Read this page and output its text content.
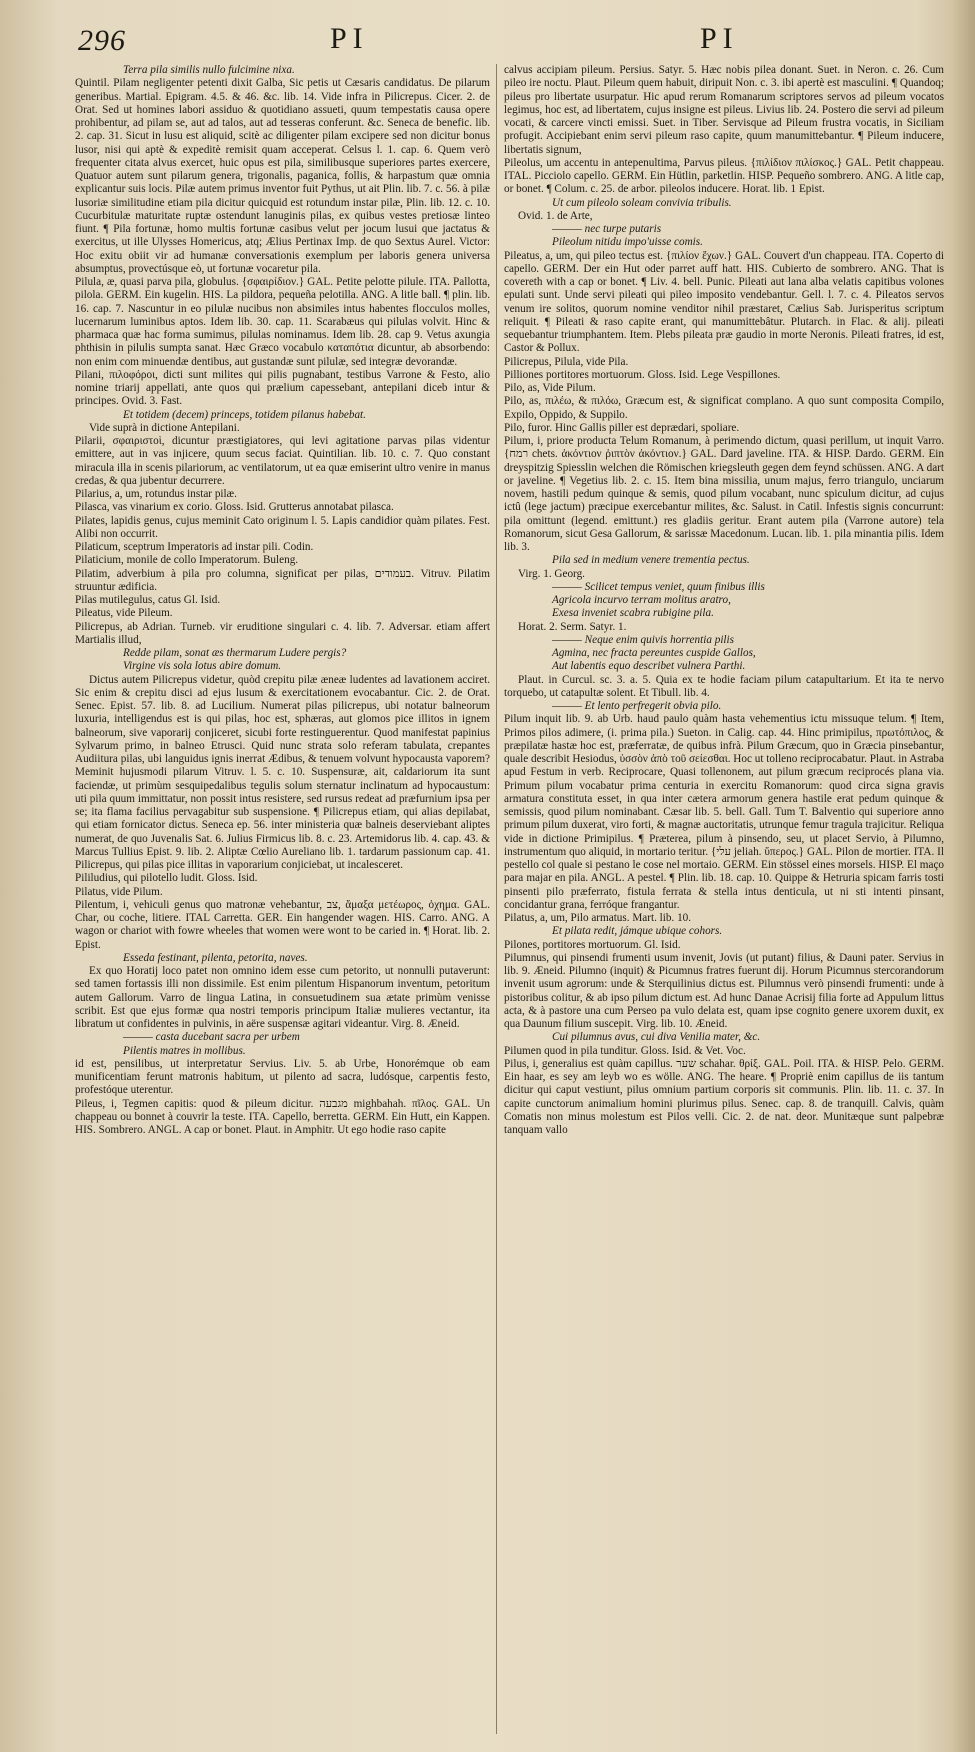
296	PI	PI

Terra pila similis nullo fulcimine nixa.

Quintil. Pilam negligenter petenti dixit Galba, Sic petis ut Cæsaris candidatus. De pilarum generibus. Martial. Epigram. 4.5. & 46. &c. lib. 14. Vide infra in Pilicrepus. Cicer. 2. de Orat. Sed ut homines labori assiduo & quotidiano assueti, quum tempestatis causa opere prohibentur, ad pilam se, aut ad talos, aut ad tesseras conferunt. &c. Seneca de benefic. lib. 2. cap. 31. Sicut in lusu est aliquid, scitè ac diligenter pilam excipere sed non dicitur bonus lusor, nisi qui aptè & expeditè remisit quam acceperat. Celsus l. 1. cap. 6. Quem verò frequenter citata alvus exercet, huic opus est pila, similibusque superiores partes exercere, Quatuor autem sunt pilarum genera, trigonalis, paganica, follis, & harpastum quæ omnia explicantur suis locis. Pilæ autem primus inventor fuit Pythus, ut ait Plin. lib. 7. c. 56. à pilæ lusoriæ similitudine etiam pila dicitur quicquid est rotundum instar pilæ, Plin. lib. 12. c. 10. Cucurbitulæ maturitate ruptæ ostendunt lanuginis pilas, ex quibus vestes pretiosæ linteo fiunt. ¶ Pila fortunæ, homo multis fortunæ casibus velut per jocum lusui que jactatus & exercitus, ut ille Ulysses Homericus, atq; Ælius Pertinax Imp. de quo Sextus Aurel. Victor: Hoc exitu obiit vir ad humanæ conversationis exemplum per laboris genera universa absumptus, provectúsque eò, ut fortunæ vocaretur pila.

Pilula, æ, quasi parva pila, globulus. {σφαιρίδιον.} GAL. Petite pelotte pilule. ITA. Pallotta, pilola. GERM. Ein kugelin. HIS. La pildora, pequeña pelotilla. ANG. A litle ball. ¶ plin. lib. 16. cap. 7. Nascuntur in eo pilulæ nucibus non absimiles intus habentes flocculos molles, lucernarum luminibus aptos. Idem lib. 30. cap. 11. Scarabæus qui pilulas volvit. Hinc & pharmaca quæ hac forma sumimus, pilulas nominamus. Idem lib. 28. cap 9. Vetus axungia phthisin in pilulis sumpta sanat. Hæc Græco vocabulo καταπότια dicuntur, ab absorbendo: non enim com minuendæ dentibus, aut gustandæ sunt pilulæ, sed integræ devorandæ.

Pilani, πιλοφόροι, dicti sunt milites qui pilis pugnabant, testibus Varrone & Festo, alio nomine triarij appellati, ante quos qui prælium capessebant, antepilani diceb intur & principes. Ovid. 3. Fast.

Et totidem (decem) princeps, totidem pilanus habebat.

Vide suprà in dictione Antepilani.

Pilarii, σφαιριστοὶ, dicuntur præstigiatores, qui levi agitatione parvas pilas videntur emittere, aut in vas injicere, quum secus faciat. Quintilian. lib. 10. c. 7. Quo constant miracula illa in scenis pilariorum, ac ventilatorum, ut ea quæ emiserint ultro venire in manus credas, & qua jubentur decurrere.

Pilarius, a, um, rotundus instar pilæ.

Pilasca, vas vinarium ex corio. Gloss. Isid. Grutterus annotabat pilasca.

Pilates, lapidis genus, cujus meminit Cato originum l. 5. Lapis candidior quàm pilates. Fest. Alibi non occurrit.

Pilaticum, sceptrum Imperatoris ad instar pili. Codin.

Pilaticium, monile de collo Imperatorum. Buleng.

Pilatim, adverbium à pila pro columna, significat per pilas, בעמודים. Vitruv. Pilatim struuntur ædificia.

Pilas mutilegulus, catus Gl. Isid.

Pileatus, vide Pileum.

Pilicrepus, ab Adrian. Turneb. vir eruditione singulari c. 4. lib. 7. Adversar. etiam affert Martialis illud,

Redde pilam, sonat æs thermarum Ludere pergis?

Virgine vis sola lotus abire domum.

Dictus autem Pilicrepus videtur, quòd crepitu pilæ æneæ ludentes ad lavationem acciret. Sic enim & crepitu disci ad ejus lusum & exercitationem evocabantur. Cic. 2. de Orat. Senec. Epist. 57. lib. 8. ad Lucilium. Numerat pilas pilicrepus, ubi notatur balneorum luxuria, intelligendus est is qui pilas, hoc est, sphæras, aut glomos pice illitos in ignem balneorum, sive vaporarij conjiceret, sicubi forte restinguerentur. Quod manifestat papinius Sylvarum primo, in balneo Etrusci. Quid nunc strata solo referam tabulata, crepantes Audiitura pilas, ubi languidus ignis inerrat Ædibus, & tenuem volvunt hypocausta vaporem? Meminit hujusmodi pilarum Vitruv. l. 5. c. 10. Suspensuræ, ait, caldariorum ita sunt faciendæ, ut primùm sesquipedalibus tegulis solum sternatur inclinatum ad hypocaustum: uti pila quum immittatur, non possit intus resistere, sed rursus redeat ad præfurnium ipsa per se; ita flama facilius pervagabitur sub suspensione. ¶ Pilicrepus etiam, qui alias depilabat, qui etiam fornicator dictus. Seneca ep. 56. inter ministeria quæ balneis deserviebant aliptes numerat, de quo Juvenalis Sat. 6. Julius Firmicus lib. 8. c. 23. Artemidorus lib. 4. cap. 43. & Marcus Tullius Epist. 9. lib. 2. Aliptæ Cœlio Aureliano lib. 1. tardarum passionum cap. 41. Pilicrepus, qui pilas pice illitas in vaporarium conjiciebat, ut incalesceret.

Pililudius, qui pilotello ludit. Gloss. Isid.

Pilatus, vide Pilum.

Pilentum, i, vehiculi genus quo matronæ vehebantur, צב, ἅμαξα μετέωρος, ὀχημα. GAL. Char, ou coche, litiere. ITAL Carretta. GER. Ein hangender wagen. HIS. Carro. ANG. A wagon or chariot with fowre wheeles that women were wont to be caried in. ¶ Horat. lib. 2. Epist.

Esseda festinant, pilenta, petorita, naves.

Ex quo Horatij loco patet non omnino idem esse cum petorito, ut nonnulli putaverunt: sed tamen fortassis illi non dissimile. Est enim pilentum Hispanorum inventum, petoritum autem Gallorum. Varro de lingua Latina, in consuetudinem sua ætate primùm venisse scribit. Est que ejus formæ qua nostri temporis principum Italiæ mulieres vectantur, ita libratum ut confidentes in pulvinis, in aëre suspensæ agitari videantur. Virg. 8. Æneid.

——— casta ducebant sacra per urbem

Pilentis matres in mollibus.

id est, pensilibus, ut interpretatur Servius. Liv. 5. ab Urbe, Honorémque ob eam munificentiam ferunt matronis habitum, ut pilento ad sacra, ludósque, carpentis festo, profestóque uterentur.

Pileus, i, Tegmen capitis: quod & pileum dicitur. מגבעה mighbahah. πῖλος. GAL. Un chappeau ou bonnet à couvrir la teste. ITA. Capello, berretta. GERM. Ein Hutt, ein Kappen. HIS. Sombrero. ANGL. A cap or bonet. Plaut. in Amphitr. Ut ego hodie raso capite

calvus accipiam pileum. Persius. Satyr. 5. Hæc nobis pilea donant. Suet. in Neron. c. 26. Cum pileo ire noctu. Plaut. Pileum quem habuit, diripuit Non. c. 3. ibi apertè est masculini. ¶ Quandoq; pileus pro libertate usurpatur. Hic apud rerum Romanarum scriptores servos ad pileum vocatos legimus, hoc est, ad libertatem, cujus insigne est pileus. Livius lib. 24. Postero die servi ad pileum vocati, & carcere vincti emissi. Suet. in Tiber. Servisque ad Pileum frustra vocatis, in Siciliam profugit. Accipiebant enim servi pileum raso capite, quum manumittebantur. ¶ Pileum inducere, libertatis signum,

Pileolus, um accentu in antepenultima, Parvus pileus. {πιλίδιον πιλίσκος.} GAL. Petit chappeau. ITAL. Picciolo capello. GERM. Ein Hütlin, parketlin. HISP. Pequeño sombrero. ANG. A litle cap, or bonet. ¶ Colum. c. 25. de arbor. pileolos inducere. Horat. lib. 1 Epist.

Ut cum pileolo soleam convivia tribulis.

Ovid. 1. de Arte,

——— nec turpe putaris

Pileolum nitidu impo'uisse comis.

Pileatus, a, um, qui pileo tectus est. {πιλίον ἔχων.} GAL. Couvert d'un chappeau. ITA. Coperto di capello. GERM. Der ein Hut oder parret auff hatt. HIS. Cubierto de sombrero. ANG. That is covereth with a cap or bonet. ¶ Liv. 4. bell. Punic. Pileati aut lana alba velatis capitibus volones epulati sunt. Unde servi pileati qui pileo imposito vendebantur. Gell. l. 7. c. 4. Pileatos servos venum ire solitos, quorum nomine venditor nihil præstaret, Cælius Sab. Jurisperitus scriptum reliquit. ¶ Pileati & raso capite erant, qui manumittebâtur. Plutarch. in Flac. & alij. pileati sequebantur triumphantem. Item. Plebs pileata præ gaudio in morte Neronis. Pileati fratres, id est, Castor & Pollux.

Pilicrepus, Pilula, vide Pila.

Pilliones portitores mortuorum. Gloss. Isid. Lege Vespillones.

Pilo, as, Vide Pilum.

Pilo, as, πιλέω, & πιλόω, Græcum est, & significat complano. A quo sunt composita Compilo, Expilo, Oppido, & Suppilo.

Pilo, furor. Hinc Gallis piller est deprædari, spoliare.

Pilum, i, priore producta Telum Romanum, à perimendo dictum, quasi perillum, ut inquit Varro. {רמח chets. ἀκόντιον ῥιπτὸν ἀκόντιον.} GAL. Dard javeline. ITA. & HISP. Dardo. GERM. Ein dreyspitzig Spiesslin welchen die Römischen kriegsleuth gegen dem feynd schüssen. ANG. A dart or javeline. ¶ Vegetius lib. 2. c. 15. Item bina missilia, unum majus, ferro triangulo, unciarum novem, hastili pedum quinque & semis, quod pilum vocabant, nunc spiculum dicitur, ad cujus ictû (lege jactum) præcipue exercebantur milites, &c. Salust. in Catil. Infestis signis concurrunt: pila omittunt (legend. emittunt.) res gladiis geritur. Erant autem pila (Varrone autore) tela Romanorum, sicut Gesa Gallorum, & sarissæ Macedonum. Lucan. lib. 1. pila minantia pilis. Idem lib. 3.

Pila sed in medium venere trementia pectus.

Virg. 1. Georg.

——— Scilicet tempus veniet, quum finibus illis

Agricola incurvo terram molitus aratro,

Exesa inveniet scabra rubigine pila.

Horat. 2. Serm. Satyr. 1.

——— Neque enim quivis horrentia pilis

Agmina, nec fracta pereuntes cuspide Gallos,

Aut labentis equo describet vulnera Parthi.

Plaut. in Curcul. sc. 3. a. 5. Quia ex te hodie faciam pilum catapultarium. Et ita te nervo torquebo, ut catapultæ solent. Et Tibull. lib. 4.

——— Et lento perfregerit obvia pilo.

Pilum inquit lib. 9. ab Urb. haud paulo quàm hasta vehementius ictu missuque telum. ¶ Item, Primos pilos adimere, (i. prima pila.) Sueton. in Calig. cap. 44. Hinc primipilus, πρωτόπιλος, & præpilatæ hastæ hoc est, præferratæ, de quibus infrà. Pilum Græcum, quo in Græcia pinsebantur, quale describit Hesiodus, ὑσσὸν ἀπὸ τοῦ σείεσθαι. Hoc ut tolleno reciprocabatur. Plaut. in Astraba apud Festum in verb. Reciprocare, Quasi tollenonem, aut pilum græcum reciprocés plana via. Primum pilum vocabatur prima centuria in exercitu Romanorum: quod circa signa gravis armatura constituta esset, in qua inter cætera armorum genera hastile erat pedum quinque & semissis, quod pilum nominabant. Cæsar lib. 5. bell. Gall. Tum T. Balventio qui superiore anno primum pilum duxerat, viro forti, & magnæ auctoritatis, utrunque femur tragula trajicitur. Reliqua vide in dictione Primipilus. ¶ Præterea, pilum à pinsendo, seu, ut placet Servio, à Pilumno, instrumentum quo aliquid, in mortario teritur. {עלי jeliah. ὕπερος.} GAL. Pilon de mortier. ITA. Il pestello col quale si pestano le cose nel mortaio. GERM. Ein stössel eines morsels. HISP. El maço para majar en pila. ANGL. A pestel. ¶ Plin. lib. 18. cap. 10. Quippe & Hetruria spicam farris tosti pinsenti pilo præferrato, fistula ferrata & stella intus denticula, ut ni sti intenti pinsant, concidantur grana, ferróque frangantur.

Pilatus, a, um, Pilo armatus. Mart. lib. 10.

Et pilata redit, jámque ubique cohors.

Pilones, portitores mortuorum. Gl. Isid.

Pilumnus, qui pinsendi frumenti usum invenit, Jovis (ut putant) filius, & Dauni pater. Servius in lib. 9. Æneid. Pilumno (inquit) & Picumnus fratres fuerunt dij. Horum Picumnus stercorandorum invenit usum agrorum: unde & Sterquilinius dictus est. Pilumnus verò pinsendi frumenti: unde à pistoribus colitur, & ab ipso pilum dictum est. Ad hunc Danae Acrisij filia forte ad Appulum littus acta, & à pastore una cum Perseo pa vulo delata est, quam ipse cognito genere uxorem duxit, ex qua Daunum filium suscepit. Virg. lib. 10. Æneid.

Cui pilumnus avus, cui diva Venilia mater, &c.

Pilumen quod in pila tunditur. Gloss. Isid. & Vet. Voc.

Pilus, i, generalius est quàm capillus. שער schahar. θρίξ. GAL. Poil. ITA. & HISP. Pelo. GERM. Ein haar, es sey am leyb wo es wölle. ANG. The heare. ¶ Propriè enim capillus de iis tantum dicitur qui caput vestiunt, pilus omnium partium corporis sit communis. Plin. lib. 11. c. 37. In capite cunctorum animalium homini plurimus pilus. Senec. cap. 8. de tranquill. Calvis, quàm Comatis non minus molestum est Pilos velli. Cic. 2. de nat. deor. Munitæque sunt palpebræ tanquam vallo
